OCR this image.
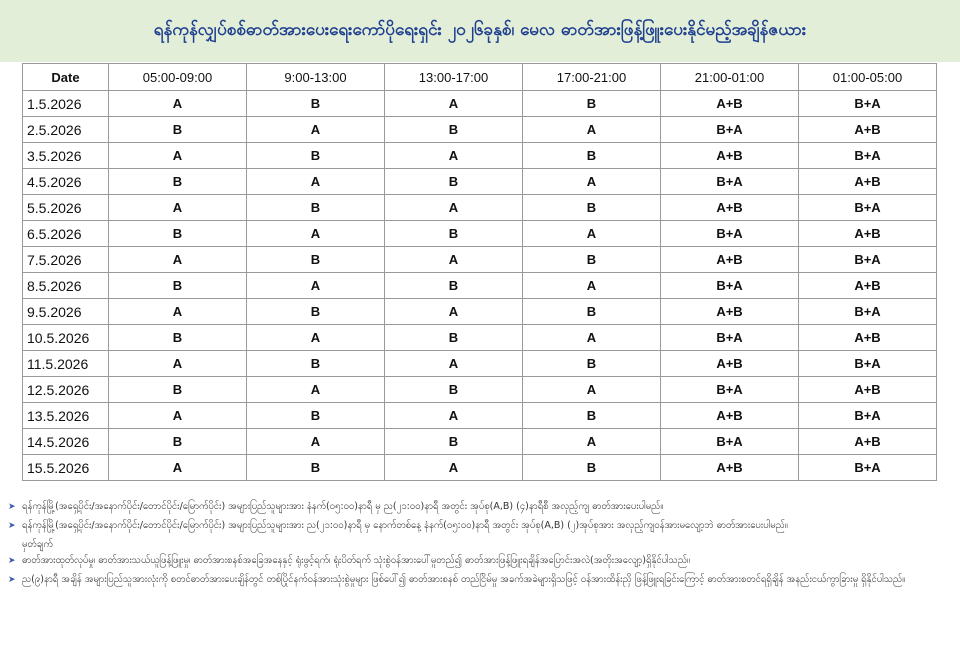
ရန်ကုန်လျှပ်စစ်ဓာတ်အားပေးရေးကော်ပိုရေးရှင်း ၂၀၂၆ခုနှစ်၊ မေလ ဓာတ်အားဖြန့်ဖြူးပေးနိုင်မည့်အချိန်ဇယား
Date	05:00-09:00	9:00-13:00	13:00-17:00	17:00-21:00	21:00-01:00	01:00-05:00
1.5.2026	A	B	A	B	A+B	B+A
2.5.2026	B	A	B	A	B+A	A+B
3.5.2026	A	B	A	B	A+B	B+A
4.5.2026	B	A	B	A	B+A	A+B
5.5.2026	A	B	A	B	A+B	B+A
6.5.2026	B	A	B	A	B+A	A+B
7.5.2026	A	B	A	B	A+B	B+A
8.5.2026	B	A	B	A	B+A	A+B
9.5.2026	A	B	A	B	A+B	B+A
10.5.2026	B	A	B	A	B+A	A+B
11.5.2026	A	B	A	B	A+B	B+A
12.5.2026	B	A	B	A	B+A	A+B
13.5.2026	A	B	A	B	A+B	B+A
14.5.2026	B	A	B	A	B+A	A+B
15.5.2026	A	B	A	B	A+B	B+A
➤ ရန်ကုန်မြို့(အရှေ့ပိုင်း/အနောက်ပိုင်း/တောင်ပိုင်း/မြောက်ပိုင်း) အများပြည်သူများအား နံနက်(၀၅:၀၀)နာရီ မှ ည(၂၁:၀၀)နာရီ အတွင်း အုပ်စု(A,B) (၄)နာရီစီ အလှည့်ကျ ဓာတ်အားပေးပါမည်။
➤ ရန်ကုန်မြို့(အရှေ့ပိုင်း/အနောက်ပိုင်း/တောင်ပိုင်း/မြောက်ပိုင်း) အများပြည်သူများအား ည(၂၁:၀၀)နာရီ မှ နောက်တစ်နေ့ နံနက်(၀၅:၀၀)နာရီ အတွင်း အုပ်စု(A,B) (၂)အုပ်စုအား အလှည့်ကျဝန်အားမလျော့ဘဲ ဓာတ်အားပေးပါမည်။
မှတ်ချက်
➤ ဓာတ်အားထုတ်လုပ်မှု၊ ဓာတ်အားသယ်ယူဖြန့်ဖြူးမှု၊ ဓာတ်အားစနစ်အခြေအနေနှင့် ရုံးဖွင့်ရက်၊ ရုံးပိတ်ရက် သုံးစွဲဝန်အားပေါ်မူတည်၍ ဓာတ်အားဖြန့်ဖြူးရချိန်အပြောင်းအလဲ(အတိုးအလျော့)ရှိနိုင်ပါသည်။
➤ ည(၉)နာရီ အချိန် အများပြည်သူအားလုံးကို စတင်ဓာတ်အားပေးချိန်တွင် တစ်ပြိုင်နက်ဝန်အားသုံးစွဲမှုများ ဖြစ်ပေါ်၍ ဓာတ်အားစနစ် တည်ငြိမ်မှု အခက်အခဲများရှိသဖြင့် ဝန်အားထိန်းညှိ ဖြန့်ဖြူးရခြင်းကြောင့် ဓာတ်အားစတင်ရရှိချိန် အနည်းငယ်ကွာခြားမှု ရှိနိုင်ပါသည်။
